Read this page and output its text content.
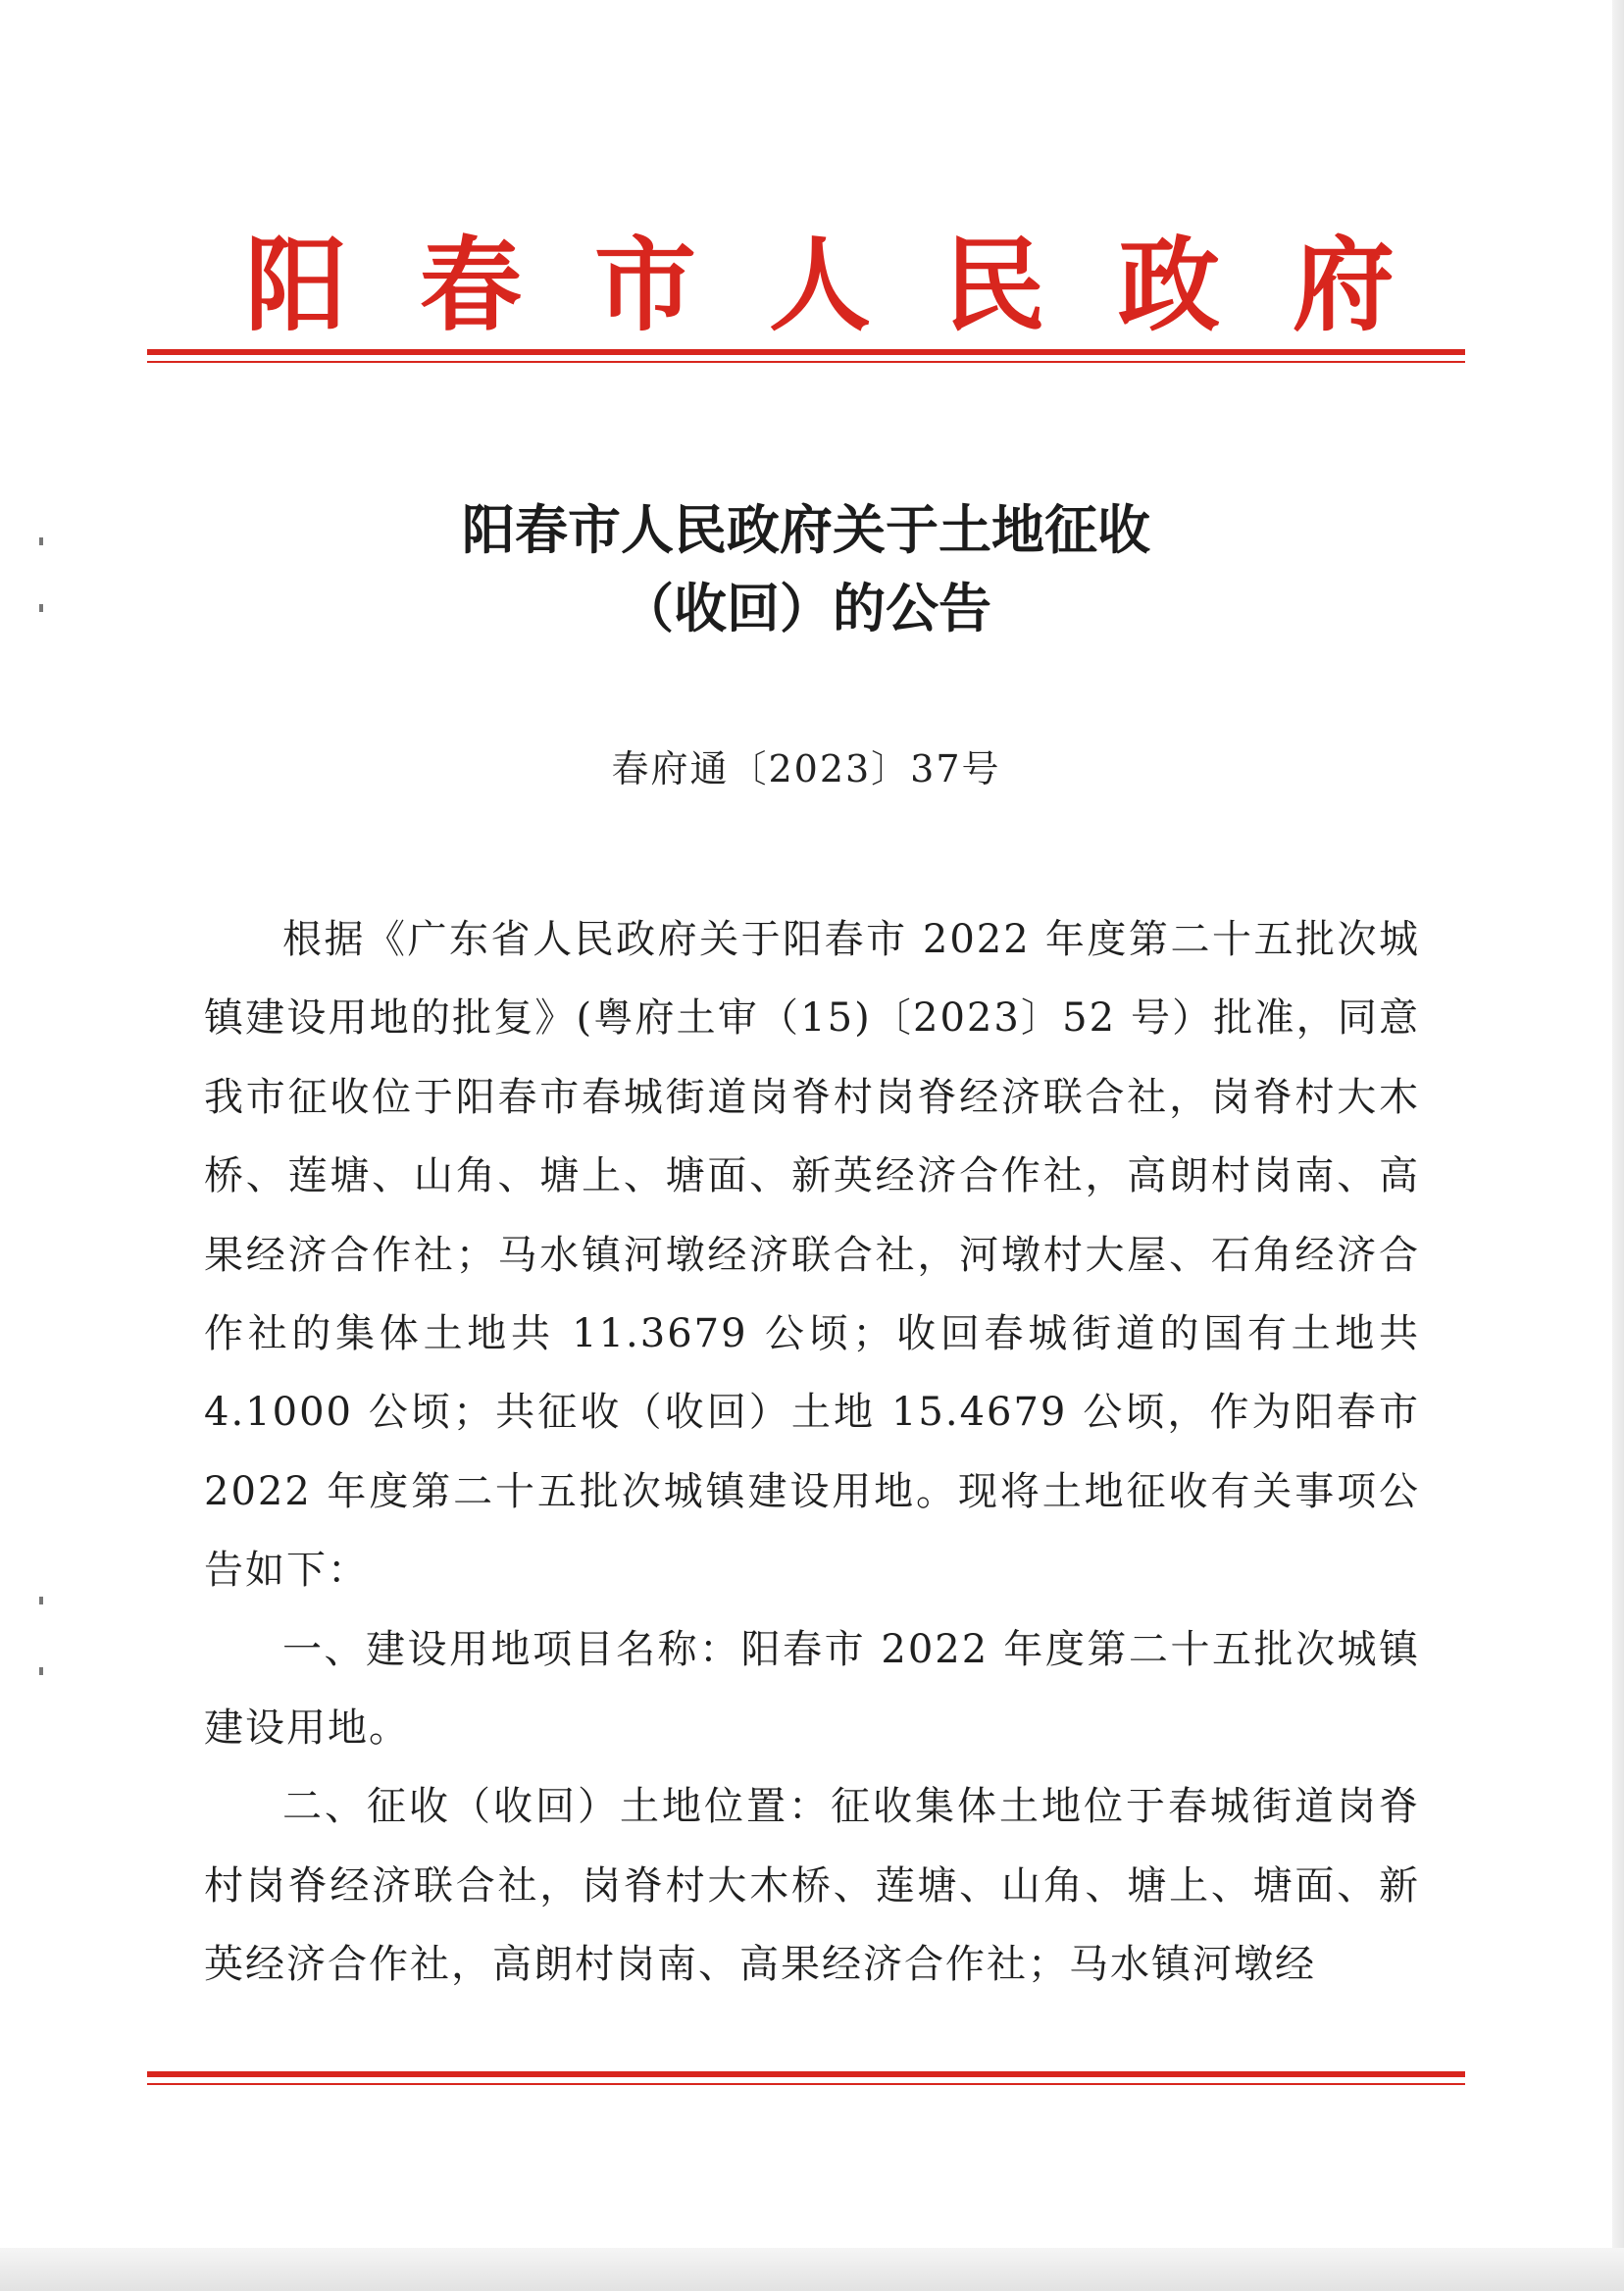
阳春市人民政府
阳春市人民政府关于土地征收
（收回）的公告
春府通〔2023〕37号

根据《广东省人民政府关于阳春市 2022 年度第二十五批次城镇建设用地的批复》(粤府土审（15)〔2023〕52 号）批准，同意我市征收位于阳春市春城街道岗脊村岗脊经济联合社，岗脊村大木桥、莲塘、山角、塘上、塘面、新英经济合作社，高朗村岗南、高果经济合作社；马水镇河墩经济联合社，河墩村大屋、石角经济合作社的集体土地共 11.3679 公顷；收回春城街道的国有土地共 4.1000 公顷；共征收（收回）土地 15.4679 公顷，作为阳春市 2022 年度第二十五批次城镇建设用地。现将土地征收有关事项公告如下：

一、建设用地项目名称：阳春市 2022 年度第二十五批次城镇建设用地。

二、征收（收回）土地位置：征收集体土地位于春城街道岗脊村岗脊经济联合社，岗脊村大木桥、莲塘、山角、塘上、塘面、新英经济合作社，高朗村岗南、高果经济合作社；马水镇河墩经
